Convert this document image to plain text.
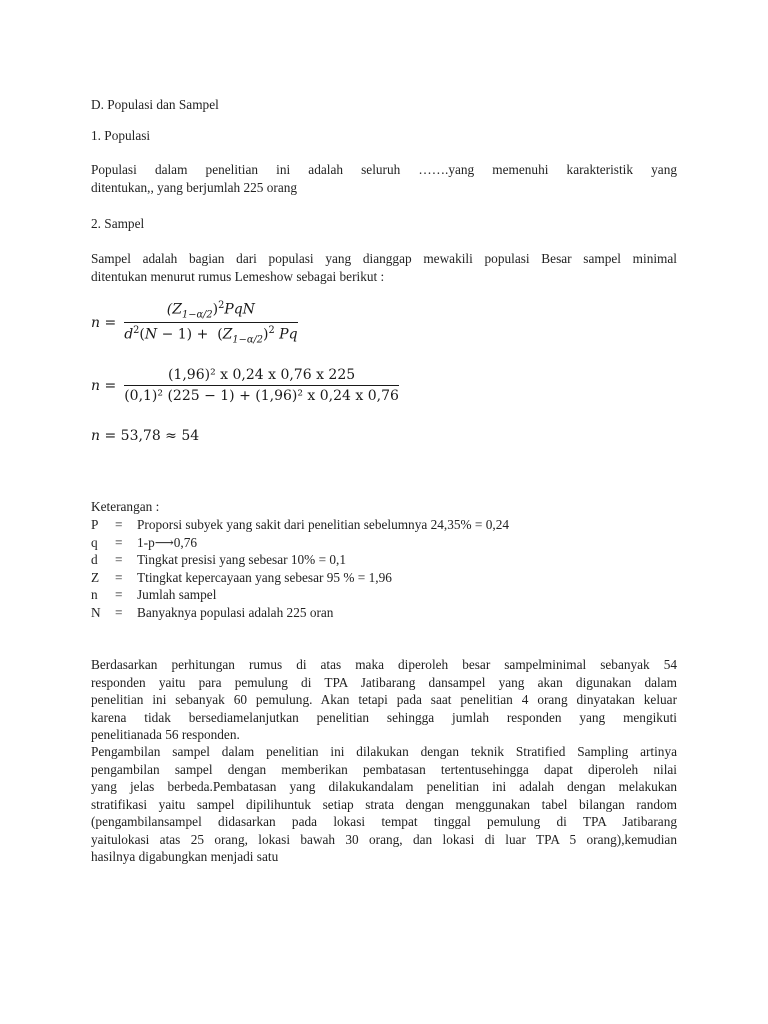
D. Populasi dan Sampel

1. Populasi

Populasi dalam penelitian ini adalah seluruh …….yang memenuhi karakteristik yang
ditentukan,, yang berjumlah 225 orang

2. Sampel

Sampel adalah bagian dari populasi yang dianggap mewakili populasi Besar sampel minimal
ditentukan menurut rumus Lemeshow sebagai berikut :

$n = \frac{(Z_{1-\alpha/2})^2PqN}{d^2(N - 1) + (Z_{1-\alpha/2})^2 Pq}$
$n = \frac{\text{(1,96)² x 0,24 x 0,76 x 225}}{\text{(0,1)² (225 − 1) + (1,96)² x 0,24 x 0,76}}$
n = 53,78 ≈ 54

Keterangan :

P = Proporsi subyek yang sakit dari penelitian sebelumnya 24,35% = 0,24
q = 1-p⟶0,76
d = Tingkat presisi yang sebesar 10% = 0,1
Z = Ttingkat kepercayaan yang sebesar 95 % = 1,96
n = Jumlah sampel
N = Banyaknya populasi adalah 225 oran

Berdasarkan perhitungan rumus di atas maka diperoleh besar sampelminimal sebanyak 54
responden yaitu para pemulung di TPA Jatibarang dansampel yang akan digunakan dalam
penelitian ini sebanyak 60 pemulung. Akan tetapi pada saat penelitian 4 orang dinyatakan keluar
karena tidak bersediamelanjutkan penelitian sehingga jumlah responden yang mengikuti
penelitianada 56 responden.

Pengambilan sampel dalam penelitian ini dilakukan dengan teknik Stratified Sampling artinya
pengambilan sampel dengan memberikan pembatasan tertentusehingga dapat diperoleh nilai
yang jelas berbeda.Pembatasan yang dilakukandalam penelitian ini adalah dengan melakukan
stratifikasi yaitu sampel dipilihuntuk setiap strata dengan menggunakan tabel bilangan random
(pengambilansampel didasarkan pada lokasi tempat tinggal pemulung di TPA Jatibarang
yaitulokasi atas 25 orang, lokasi bawah 30 orang, dan lokasi di luar TPA 5 orang),kemudian
hasilnya digabungkan menjadi satu
